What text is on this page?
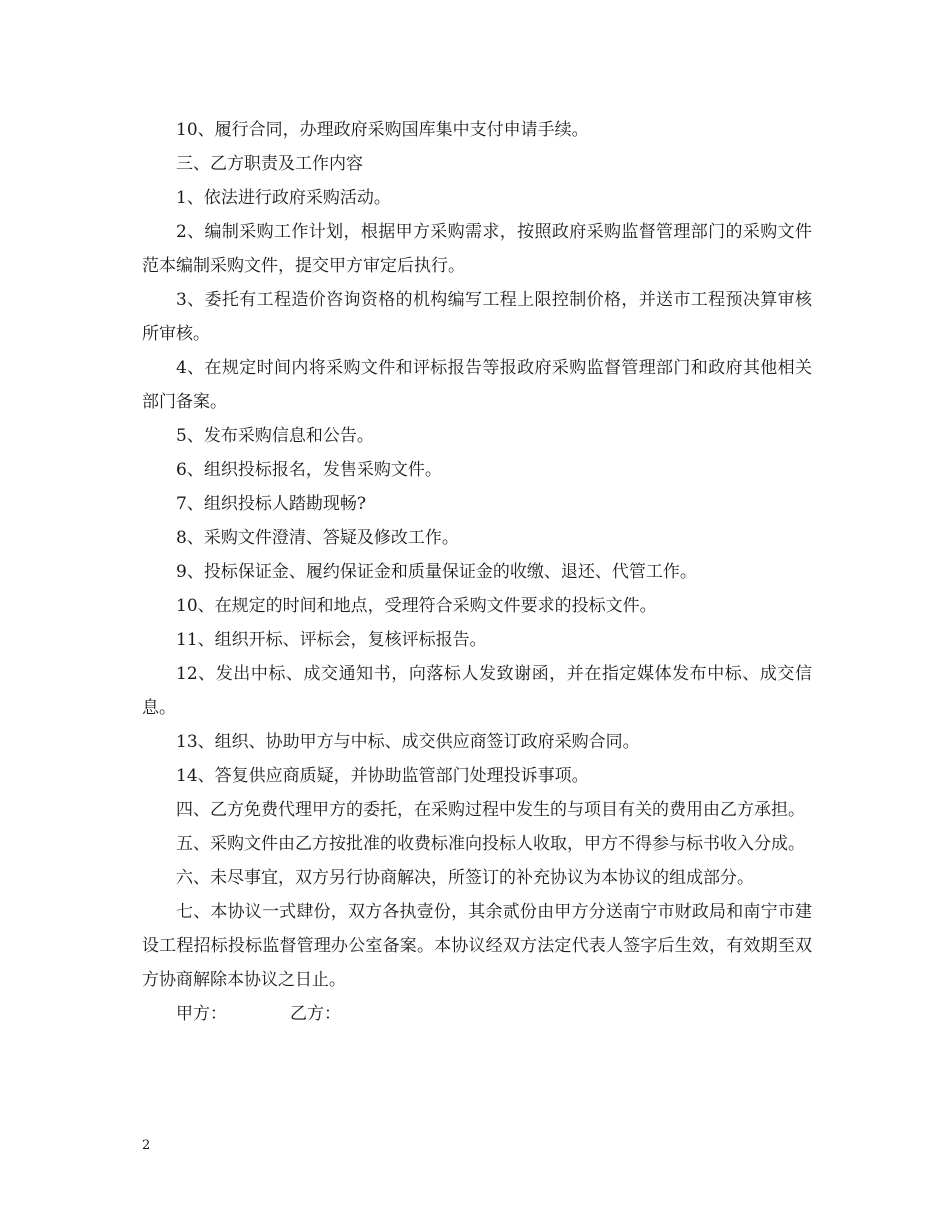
10、履行合同，办理政府采购国库集中支付申请手续。

三、乙方职责及工作内容

1、依法进行政府采购活动。

2、编制采购工作计划，根据甲方采购需求，按照政府采购监督管理部门的采购文件范本编制采购文件，提交甲方审定后执行。

3、委托有工程造价咨询资格的机构编写工程上限控制价格，并送市工程预决算审核所审核。

4、在规定时间内将采购文件和评标报告等报政府采购监督管理部门和政府其他相关部门备案。

5、发布采购信息和公告。

6、组织投标报名，发售采购文件。

7、组织投标人踏勘现畅?

8、采购文件澄清、答疑及修改工作。

9、投标保证金、履约保证金和质量保证金的收缴、退还、代管工作。

10、在规定的时间和地点，受理符合采购文件要求的投标文件。

11、组织开标、评标会，复核评标报告。

12、发出中标、成交通知书，向落标人发致谢函，并在指定媒体发布中标、成交信息。

13、组织、协助甲方与中标、成交供应商签订政府采购合同。

14、答复供应商质疑，并协助监管部门处理投诉事项。

四、乙方免费代理甲方的委托，在采购过程中发生的与项目有关的费用由乙方承担。

五、采购文件由乙方按批准的收费标准向投标人收取，甲方不得参与标书收入分成。

六、未尽事宜，双方另行协商解决，所签订的补充协议为本协议的组成部分。

七、本协议一式肆份，双方各执壹份，其余贰份由甲方分送南宁市财政局和南宁市建设工程招标投标监督管理办公室备案。本协议经双方法定代表人签字后生效，有效期至双方协商解除本协议之日止。

甲方：	乙方：
2
